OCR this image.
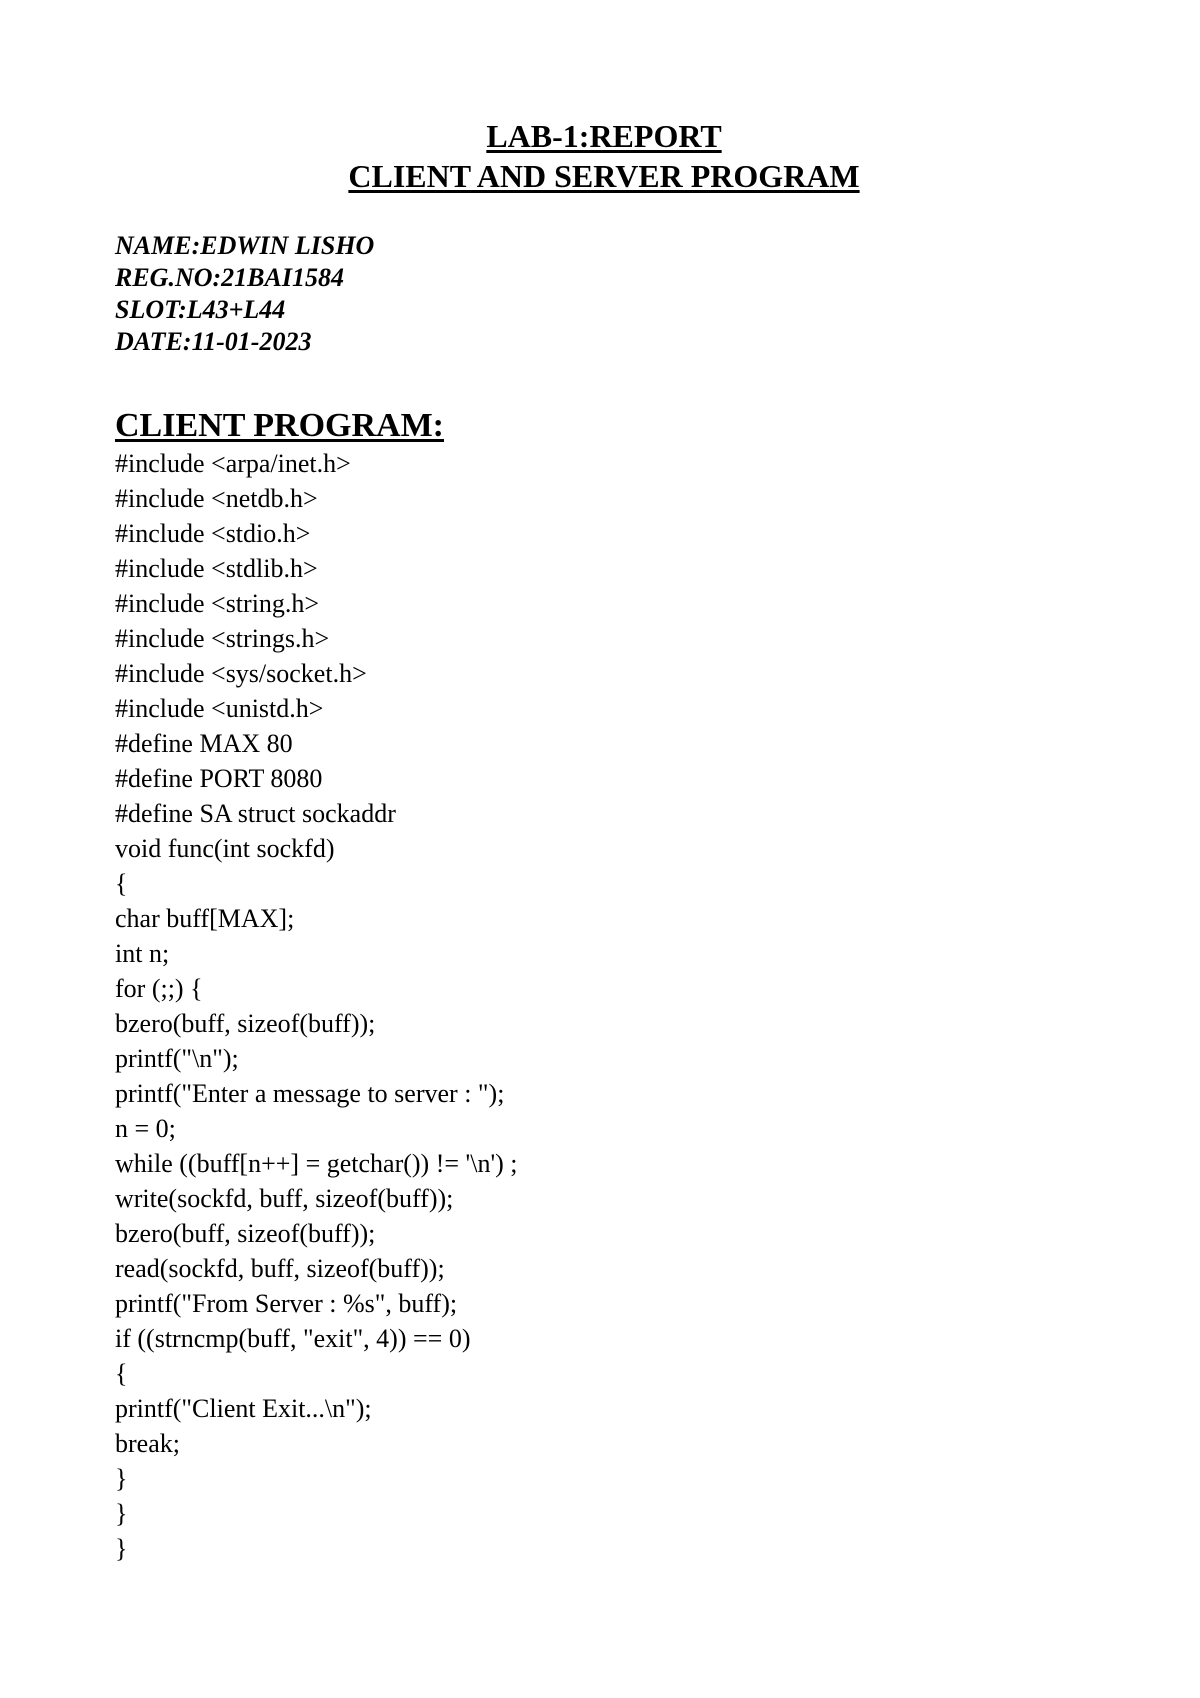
LAB-1:REPORT
CLIENT AND SERVER PROGRAM
NAME:EDWIN LISHO
REG.NO:21BAI1584
SLOT:L43+L44
DATE:11-01-2023
CLIENT PROGRAM:
#include <arpa/inet.h>
#include <netdb.h>
#include <stdio.h>
#include <stdlib.h>
#include <string.h>
#include <strings.h>
#include <sys/socket.h>
#include <unistd.h>
#define MAX 80
#define PORT 8080
#define SA struct sockaddr
void func(int sockfd)
{
char buff[MAX];
int n;
for (;;) {
bzero(buff, sizeof(buff));
printf("\n");
printf("Enter a message to server : ");
n = 0;
while ((buff[n++] = getchar()) != '\n') ;
write(sockfd, buff, sizeof(buff));
bzero(buff, sizeof(buff));
read(sockfd, buff, sizeof(buff));
printf("From Server : %s", buff);
if ((strncmp(buff, "exit", 4)) == 0)
{
printf("Client Exit...\n");
break;
}
}
}
